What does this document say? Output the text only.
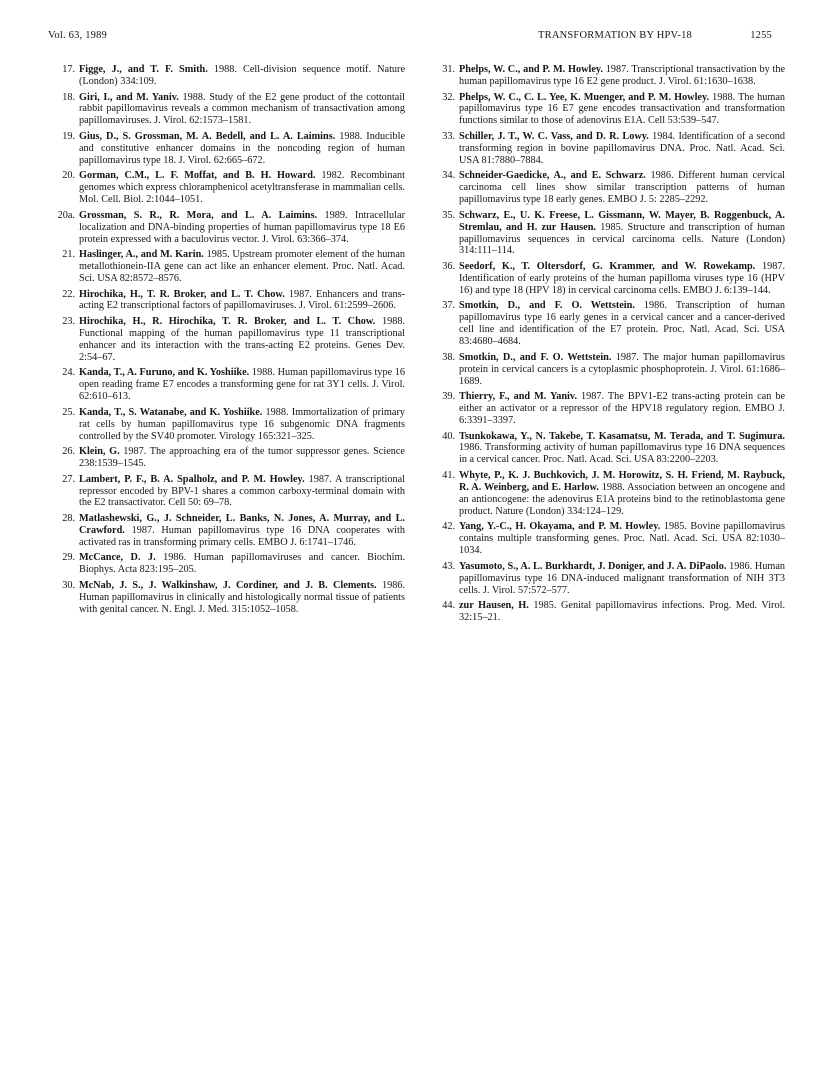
Vol. 63, 1989	TRANSFORMATION BY HPV-18	1255
17. Figge, J., and T. F. Smith. 1988. Cell-division sequence motif. Nature (London) 334:109.
18. Giri, I., and M. Yaniv. 1988. Study of the E2 gene product of the cottontail rabbit papillomavirus reveals a common mechanism of transactivation among papillomaviruses. J. Virol. 62:1573–1581.
19. Gius, D., S. Grossman, M. A. Bedell, and L. A. Laimins. 1988. Inducible and constitutive enhancer domains in the noncoding region of human papillomavirus type 18. J. Virol. 62:665–672.
20. Gorman, C.M., L. F. Moffat, and B. H. Howard. 1982. Recombinant genomes which express chloramphenicol acetyltransferase in mammalian cells. Mol. Cell. Biol. 2:1044–1051.
20a. Grossman, S. R., R. Mora, and L. A. Laimins. 1989. Intracellular localization and DNA-binding properties of human papillomavirus type 18 E6 protein expressed with a baculovirus vector. J. Virol. 63:366–374.
21. Haslinger, A., and M. Karin. 1985. Upstream promoter element of the human metallothionein-IIA gene can act like an enhancer element. Proc. Natl. Acad. Sci. USA 82:8572–8576.
22. Hirochika, H., T. R. Broker, and L. T. Chow. 1987. Enhancers and trans-acting E2 transcriptional factors of papillomaviruses. J. Virol. 61:2599–2606.
23. Hirochika, H., R. Hirochika, T. R. Broker, and L. T. Chow. 1988. Functional mapping of the human papillomavirus type 11 transcriptional enhancer and its interaction with the trans-acting E2 proteins. Genes Dev. 2:54–67.
24. Kanda, T., A. Furuno, and K. Yoshiike. 1988. Human papillomavirus type 16 open reading frame E7 encodes a transforming gene for rat 3Y1 cells. J. Virol. 62:610–613.
25. Kanda, T., S. Watanabe, and K. Yoshiike. 1988. Immortalization of primary rat cells by human papillomavirus type 16 subgenomic DNA fragments controlled by the SV40 promoter. Virology 165:321–325.
26. Klein, G. 1987. The approaching era of the tumor suppressor genes. Science 238:1539–1545.
27. Lambert, P. F., B. A. Spalholz, and P. M. Howley. 1987. A transcriptional repressor encoded by BPV-1 shares a common carboxy-terminal domain with the E2 transactivator. Cell 50: 69–78.
28. Matlashewski, G., J. Schneider, L. Banks, N. Jones, A. Murray, and L. Crawford. 1987. Human papillomavirus type 16 DNA cooperates with activated ras in transforming primary cells. EMBO J. 6:1741–1746.
29. McCance, D. J. 1986. Human papillomaviruses and cancer. Biochim. Biophys. Acta 823:195–205.
30. McNab, J. S., J. Walkinshaw, J. Cordiner, and J. B. Clements. 1986. Human papillomavirus in clinically and histologically normal tissue of patients with genital cancer. N. Engl. J. Med. 315:1052–1058.
31. Phelps, W. C., and P. M. Howley. 1987. Transcriptional transactivation by the human papillomavirus type 16 E2 gene product. J. Virol. 61:1630–1638.
32. Phelps, W. C., C. L. Yee, K. Muenger, and P. M. Howley. 1988. The human papillomavirus type 16 E7 gene encodes transactivation and transformation functions similar to those of adenovirus E1A. Cell 53:539–547.
33. Schiller, J. T., W. C. Vass, and D. R. Lowy. 1984. Identification of a second transforming region in bovine papillomavirus DNA. Proc. Natl. Acad. Sci. USA 81:7880–7884.
34. Schneider-Gaedicke, A., and E. Schwarz. 1986. Different human cervical carcinoma cell lines show similar transcription patterns of human papillomavirus type 18 early genes. EMBO J. 5: 2285–2292.
35. Schwarz, E., U. K. Freese, L. Gissmann, W. Mayer, B. Roggenbuck, A. Stremlau, and H. zur Hausen. 1985. Structure and transcription of human papillomavirus sequences in cervical carcinoma cells. Nature (London) 314:111–114.
36. Seedorf, K., T. Oltersdorf, G. Krammer, and W. Rowekamp. 1987. Identification of early proteins of the human papilloma viruses type 16 (HPV 16) and type 18 (HPV 18) in cervical carcinoma cells. EMBO J. 6:139–144.
37. Smotkin, D., and F. O. Wettstein. 1986. Transcription of human papillomavirus type 16 early genes in a cervical cancer and a cancer-derived cell line and identification of the E7 protein. Proc. Natl. Acad. Sci. USA 83:4680–4684.
38. Smotkin, D., and F. O. Wettstein. 1987. The major human papillomavirus protein in cervical cancers is a cytoplasmic phosphoprotein. J. Virol. 61:1686–1689.
39. Thierry, F., and M. Yaniv. 1987. The BPV1-E2 trans-acting protein can be either an activator or a repressor of the HPV18 regulatory region. EMBO J. 6:3391–3397.
40. Tsunkokawa, Y., N. Takebe, T. Kasamatsu, M. Terada, and T. Sugimura. 1986. Transforming activity of human papillomavirus type 16 DNA sequences in a cervical cancer. Proc. Natl. Acad. Sci. USA 83:2200–2203.
41. Whyte, P., K. J. Buchkovich, J. M. Horowitz, S. H. Friend, M. Raybuck, R. A. Weinberg, and E. Harlow. 1988. Association between an oncogene and an antioncogene: the adenovirus E1A proteins bind to the retinoblastoma gene product. Nature (London) 334:124–129.
42. Yang, Y.-C., H. Okayama, and P. M. Howley. 1985. Bovine papillomavirus contains multiple transforming genes. Proc. Natl. Acad. Sci. USA 82:1030–1034.
43. Yasumoto, S., A. L. Burkhardt, J. Doniger, and J. A. DiPaolo. 1986. Human papillomavirus type 16 DNA-induced malignant transformation of NIH 3T3 cells. J. Virol. 57:572–577.
44. zur Hausen, H. 1985. Genital papillomavirus infections. Prog. Med. Virol. 32:15–21.
